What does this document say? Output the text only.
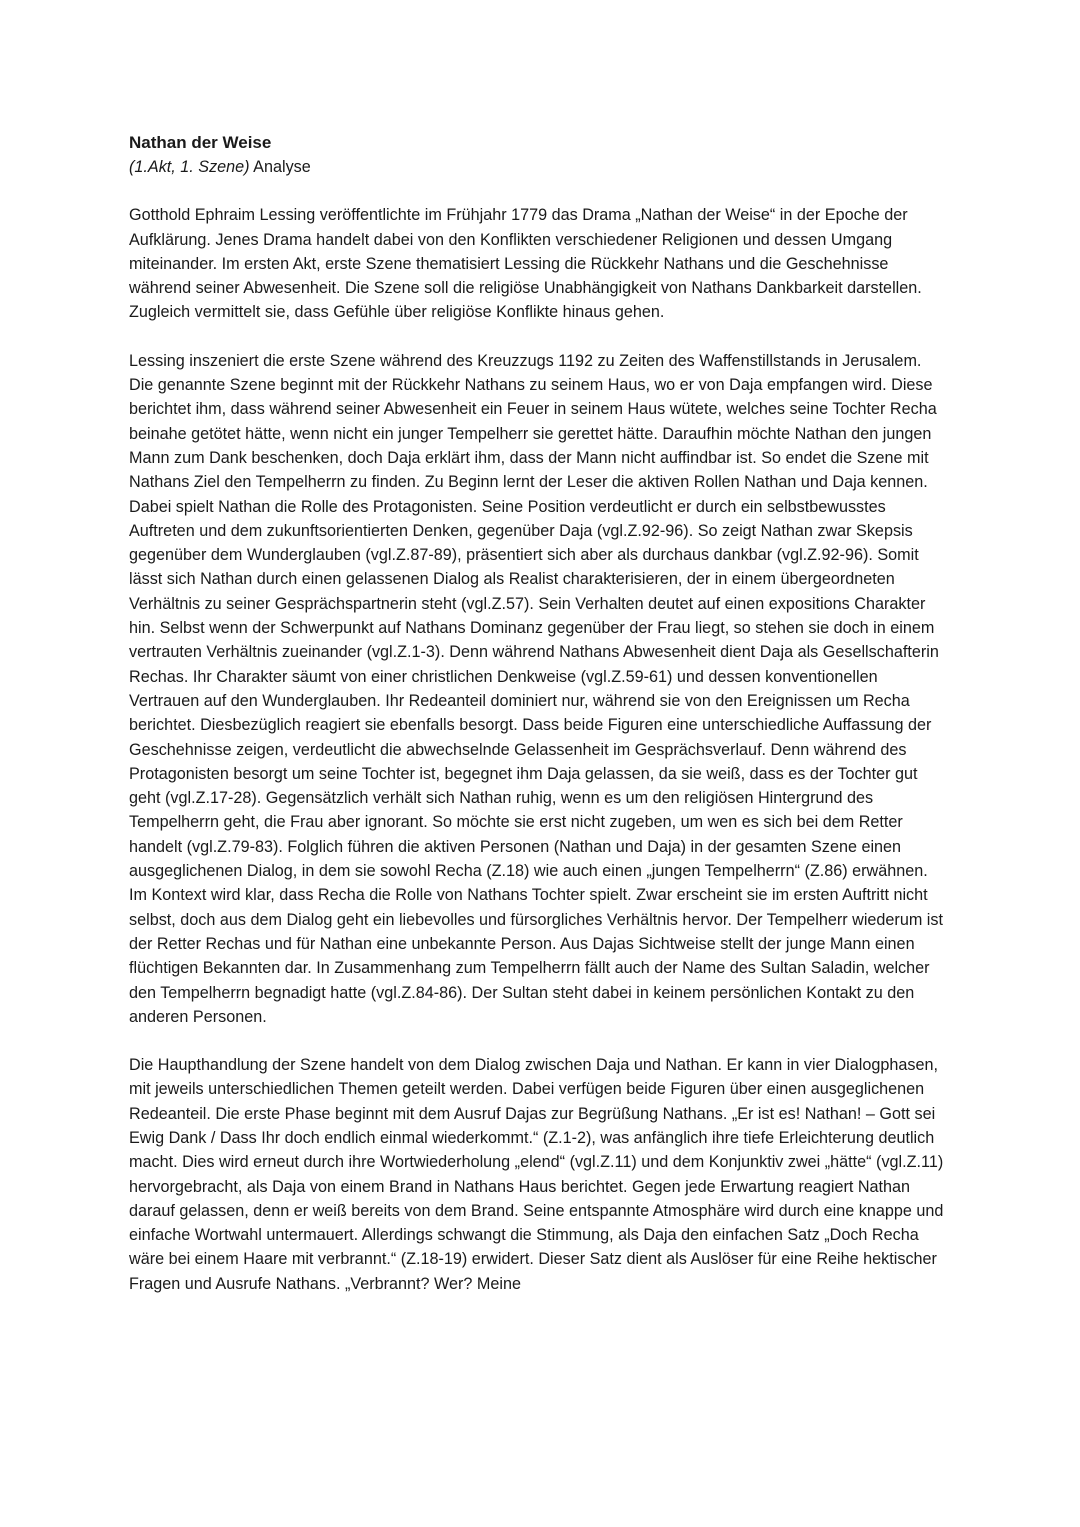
Nathan der Weise

(1.Akt, 1. Szene) Analyse

Gotthold Ephraim Lessing veröffentlichte im Frühjahr 1779 das Drama „Nathan der Weise“ in der Epoche der Aufklärung. Jenes Drama handelt dabei von den Konflikten verschiedener Religionen und dessen Umgang miteinander. Im ersten Akt, erste Szene thematisiert Lessing die Rückkehr Nathans und die Geschehnisse während seiner Abwesenheit. Die Szene soll die religiöse Unabhängigkeit von Nathans Dankbarkeit darstellen. Zugleich vermittelt sie, dass Gefühle über religiöse Konflikte hinaus gehen.

Lessing inszeniert die erste Szene während des Kreuzzugs 1192 zu Zeiten des Waffenstillstands in Jerusalem. Die genannte Szene beginnt mit der Rückkehr Nathans zu seinem Haus, wo er von Daja empfangen wird. Diese berichtet ihm, dass während seiner Abwesenheit ein Feuer in seinem Haus wütete, welches seine Tochter Recha beinahe getötet hätte, wenn nicht ein junger Tempelherr sie gerettet hätte. Daraufhin möchte Nathan den jungen Mann zum Dank beschenken, doch Daja erklärt ihm, dass der Mann nicht auffindbar ist. So endet die Szene mit Nathans Ziel den Tempelherrn zu finden. Zu Beginn lernt der Leser die aktiven Rollen Nathan und Daja kennen. Dabei spielt Nathan die Rolle des Protagonisten. Seine Position verdeutlicht er durch ein selbstbewusstes Auftreten und dem zukunftsorientierten Denken, gegenüber Daja (vgl.Z.92-96). So zeigt Nathan zwar Skepsis gegenüber dem Wunderglauben (vgl.Z.87-89), präsentiert sich aber als durchaus dankbar (vgl.Z.92-96). Somit lässt sich Nathan durch einen gelassenen Dialog als Realist charakterisieren, der in einem übergeordneten Verhältnis zu seiner Gesprächspartnerin steht (vgl.Z.57). Sein Verhalten deutet auf einen expositions Charakter hin. Selbst wenn der Schwerpunkt auf Nathans Dominanz gegenüber der Frau liegt, so stehen sie doch in einem vertrauten Verhältnis zueinander (vgl.Z.1-3). Denn während Nathans Abwesenheit dient Daja als Gesellschafterin Rechas. Ihr Charakter säumt von einer christlichen Denkweise (vgl.Z.59-61) und dessen konventionellen Vertrauen auf den Wunderglauben. Ihr Redeanteil dominiert nur, während sie von den Ereignissen um Recha berichtet. Diesbezüglich reagiert sie ebenfalls besorgt. Dass beide Figuren eine unterschiedliche Auffassung der Geschehnisse zeigen, verdeutlicht die abwechselnde Gelassenheit im Gesprächsverlauf. Denn während des Protagonisten besorgt um seine Tochter ist, begegnet ihm Daja gelassen, da sie weiß, dass es der Tochter gut geht (vgl.Z.17-28). Gegensätzlich verhält sich Nathan ruhig, wenn es um den religiösen Hintergrund des Tempelherrn geht, die Frau aber ignorant. So möchte sie erst nicht zugeben, um wen es sich bei dem Retter handelt (vgl.Z.79-83). Folglich führen die aktiven Personen (Nathan und Daja) in der gesamten Szene einen ausgeglichenen Dialog, in dem sie sowohl Recha (Z.18) wie auch einen „jungen Tempelherrn“ (Z.86) erwähnen. Im Kontext wird klar, dass Recha die Rolle von Nathans Tochter spielt. Zwar erscheint sie im ersten Auftritt nicht selbst, doch aus dem Dialog geht ein liebevolles und fürsorgliches Verhältnis hervor. Der Tempelherr wiederum ist der Retter Rechas und für Nathan eine unbekannte Person. Aus Dajas Sichtweise stellt der junge Mann einen flüchtigen Bekannten dar. In Zusammenhang zum Tempelherrn fällt auch der Name des Sultan Saladin, welcher den Tempelherrn begnadigt hatte (vgl.Z.84-86). Der Sultan steht dabei in keinem persönlichen Kontakt zu den anderen Personen.

Die Haupthandlung der Szene handelt von dem Dialog zwischen Daja und Nathan. Er kann in vier Dialogphasen, mit jeweils unterschiedlichen Themen geteilt werden. Dabei verfügen beide Figuren über einen ausgeglichenen Redeanteil. Die erste Phase beginnt mit dem Ausruf Dajas zur Begrüßung Nathans. „Er ist es! Nathan! – Gott sei Ewig Dank / Dass Ihr doch endlich einmal wiederkommt.“ (Z.1-2), was anfänglich ihre tiefe Erleichterung deutlich macht. Dies wird erneut durch ihre Wortwiederholung „elend“ (vgl.Z.11) und dem Konjunktiv zwei „hätte“ (vgl.Z.11) hervorgebracht, als Daja von einem Brand in Nathans Haus berichtet. Gegen jede Erwartung reagiert Nathan darauf gelassen, denn er weiß bereits von dem Brand. Seine entspannte Atmosphäre wird durch eine knappe und einfache Wortwahl untermauert. Allerdings schwangt die Stimmung, als Daja den einfachen Satz „Doch Recha wäre bei einem Haare mit verbrannt.“ (Z.18-19) erwidert. Dieser Satz dient als Auslöser für eine Reihe hektischer Fragen und Ausrufe Nathans. „Verbrannt? Wer? Meine
